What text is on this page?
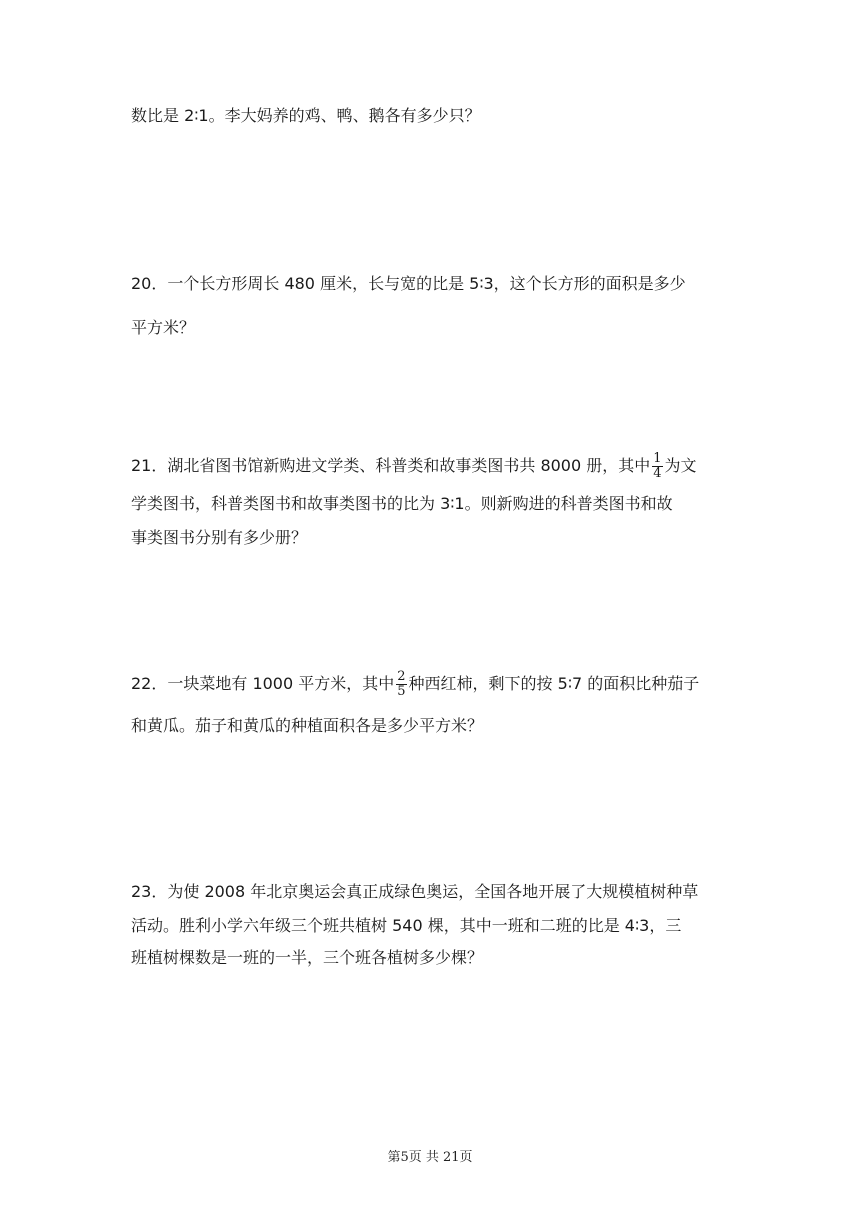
数比是 2∶1。李大妈养的鸡、鸭、鹅各有多少只？
20．一个长方形周长 480 厘米，长与宽的比是 5∶3，这个长方形的面积是多少
平方米？
21．湖北省图书馆新购进文学类、科普类和故事类图书共 8000 册，其中 $\frac{1}{4}$ 为文
学类图书，科普类图书和故事类图书的比为 3∶1。则新购进的科普类图书和故
事类图书分别有多少册？
22．一块菜地有 1000 平方米，其中 $\frac{2}{5}$ 种西红柿，剩下的按 5∶7 的面积比种茄子
和黄瓜。茄子和黄瓜的种植面积各是多少平方米？
23．为使 2008 年北京奥运会真正成绿色奥运，全国各地开展了大规模植树种草
活动。胜利小学六年级三个班共植树 540 棵，其中一班和二班的比是 4∶3，三
班植树棵数是一班的一半，三个班各植树多少棵？
第5页 共 21页
